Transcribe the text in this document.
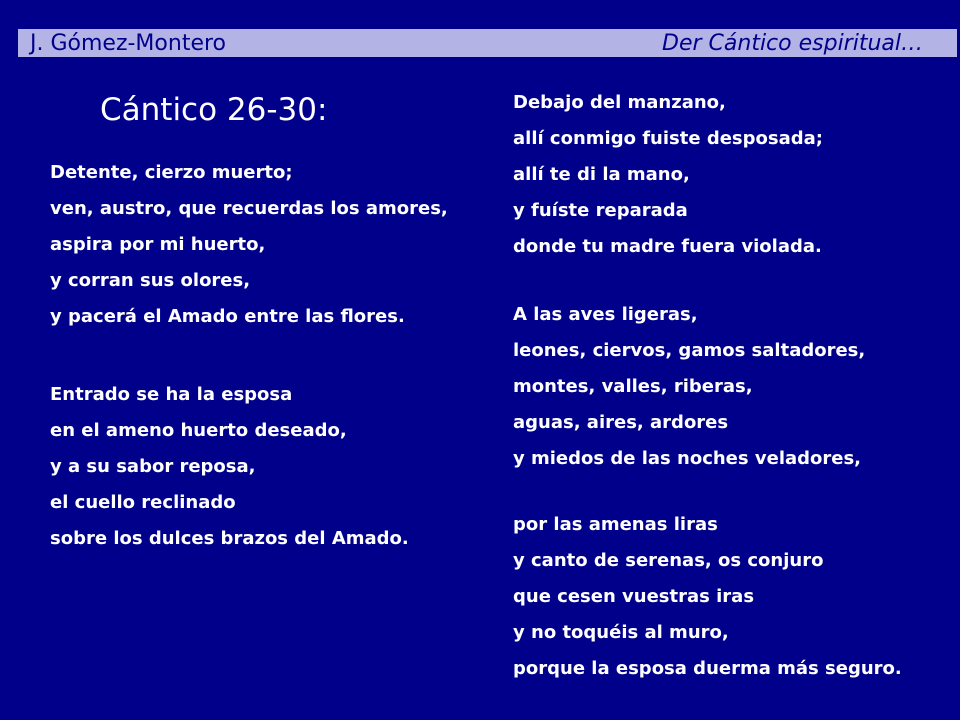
J. Gómez-Montero	Der Cántico espiritual…
Cántico 26-30:
Detente, cierzo muerto;
ven, austro, que recuerdas los amores,
aspira por mi huerto,
y corran sus olores,
y pacerá el Amado entre las flores.
Entrado se ha la esposa
en el ameno huerto deseado,
y a su sabor reposa,
el cuello reclinado
sobre los dulces brazos del Amado.
Debajo del manzano,
allí conmigo fuiste desposada;
allí te di la mano,
y fuíste reparada
donde tu madre fuera violada.
A las aves ligeras,
leones, ciervos, gamos saltadores,
montes, valles, riberas,
aguas, aires, ardores
y miedos de las noches veladores,
por las amenas liras
y canto de serenas, os conjuro
que cesen vuestras iras
y no toquéis al muro,
porque la esposa duerma más seguro.
